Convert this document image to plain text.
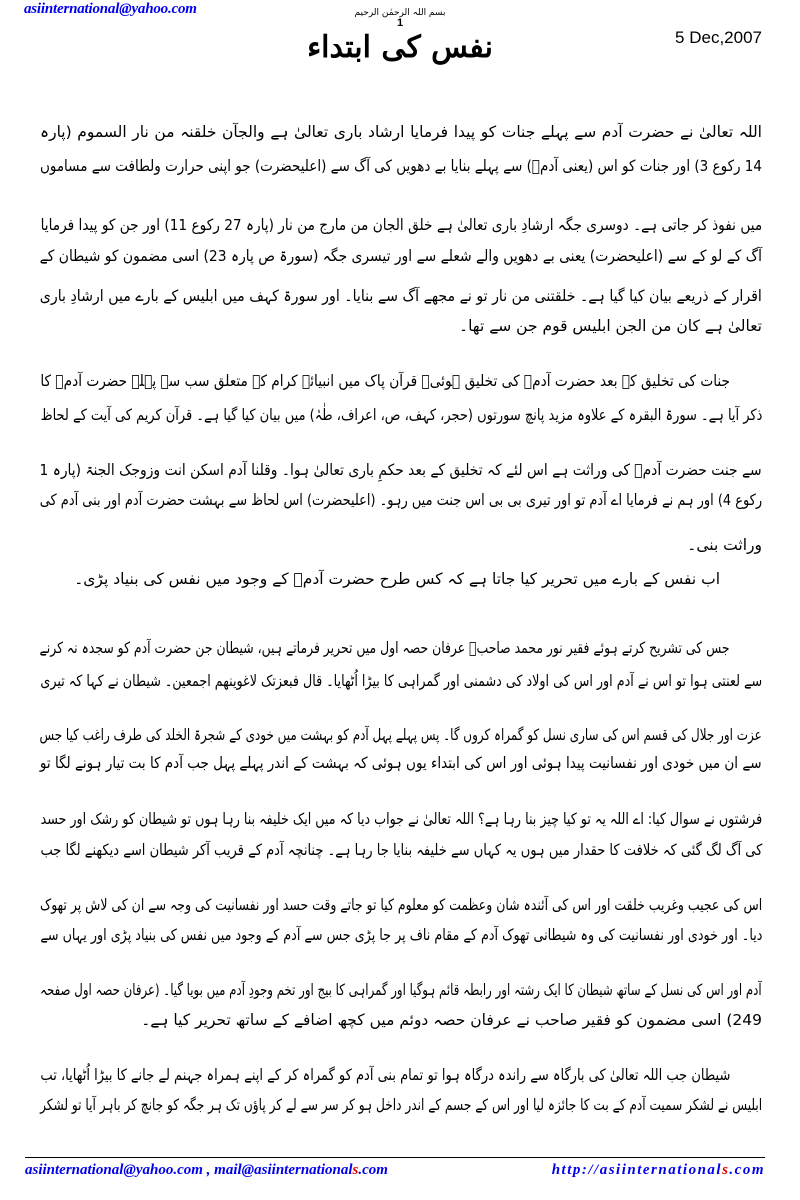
asiinternational@yahoo.com	بسم اللہ الرحمٰن الرحیم
1
نفس کی ابتداء	5 Dec,2007
اللہ تعالیٰ نے حضرت آدم سے پہلے جنات کو پیدا فرمایا ارشاد باری تعالیٰ ہے والجآن خلقنہ من نار السموم (پارہ
14 رکوع 3) اور جنات کو اس (یعنی آدمؑ) سے پہلے بنایا بے دھویں کی آگ سے (اعلیحضرت) جو اپنی حرارت ولطافت سے مساموں
میں نفوذ کر جاتی ہے۔ دوسری جگہ ارشادِ باری تعالیٰ ہے خلق الجان من مارج من نار (پارہ 27 رکوع 11) اور جن کو پیدا فرمایا
آگ کے لو کے سے (اعلیحضرت) یعنی بے دھویں والے شعلے سے اور تیسری جگہ (سورۃ ص پارہ 23) اسی مضمون کو شیطان کے
اقرار کے ذریعے بیان کیا گیا ہے۔ خلقتنی من نار تو نے مجھے آگ سے بنایا۔ اور سورۃ کہف میں ابلیس کے بارے میں ارشادِ باری
تعالیٰ ہے کان من الجن ابلیس قوم جن سے تھا۔
جنات کی تخلیق کے بعد حضرت آدمؑ کی تخلیق ہوئی۔ قرآن پاک میں انبیائے کرام کے متعلق سب سے پہلے حضرت آدمؑ کا
ذکر آیا ہے۔ سورۃ البقرہ کے علاوہ مزید پانچ سورتوں (حجر، کہف، ص، اعراف، طٰہٰ) میں بیان کیا گیا ہے۔ قرآن کریم کی آیت کے لحاظ
سے جنت حضرت آدمؑ کی وراثت ہے اس لئے کہ تخلیق کے بعد حکمِ باری تعالیٰ ہوا۔ وقلنا آدم اسکن انت وزوجک الجنۃ (پارہ 1
رکوع 4) اور ہم نے فرمایا اے آدم تو اور تیری بی بی اس جنت میں رہو۔ (اعلیحضرت) اس لحاظ سے بہشت حضرت آدم اور بنی آدم کی
وراثت بنی۔
اب نفس کے بارے میں تحریر کیا جاتا ہے کہ کس طرح حضرت آدمؑ کے وجود میں نفس کی بنیاد پڑی۔
جس کی تشریح کرتے ہوئے فقیر نور محمد صاحبؒ عرفان حصہ اول میں تحریر فرماتے ہیں، شیطان جن حضرت آدم کو سجدہ نہ کرنے
سے لعنتی ہوا تو اس نے آدم اور اس کی اولاد کی دشمنی اور گمراہی کا بیڑا اُٹھایا۔ قال فبعزتک لاغوینھم اجمعین۔ شیطان نے کہا کہ تیری
عزت اور جلال کی قسم اس کی ساری نسل کو گمراہ کروں گا۔ پس پہلے پہل آدم کو بہشت میں خودی کے شجرۃ الخلد کی طرف راغب کیا جس
سے ان میں خودی اور نفسانیت پیدا ہوئی اور اس کی ابتداء یوں ہوئی کہ بہشت کے اندر پہلے پہل جب آدم کا بت تیار ہونے لگا تو
فرشتوں نے سوال کیا: اے اللہ یہ تو کیا چیز بنا رہا ہے؟ اللہ تعالیٰ نے جواب دیا کہ میں ایک خلیفہ بنا رہا ہوں تو شیطان کو رشک اور حسد
کی آگ لگ گئی کہ خلافت کا حقدار میں ہوں یہ کہاں سے خلیفہ بنایا جا رہا ہے۔ چنانچہ آدم کے قریب آکر شیطان اسے دیکھنے لگا جب
اس کی عجیب وغریب خلقت اور اس کی آئندہ شان وعظمت کو معلوم کیا تو جاتے وقت حسد اور نفسانیت کی وجہ سے ان کی لاش پر تھوک
دیا۔ اور خودی اور نفسانیت کی وہ شیطانی تھوک آدم کے مقام ناف پر جا پڑی جس سے آدم کے وجود میں نفس کی بنیاد پڑی اور یہاں سے
آدم اور اس کی نسل کے ساتھ شیطان کا ایک رشتہ اور رابطہ قائم ہوگیا اور گمراہی کا بیج اور تخم وجودِ آدم میں بویا گیا۔ (عرفان حصہ اول صفحہ
249) اسی مضمون کو فقیر صاحب نے عرفان حصہ دوئم میں کچھ اضافے کے ساتھ تحریر کیا ہے۔
شیطان جب اللہ تعالیٰ کی بارگاہ سے راندہ درگاہ ہوا تو تمام بنی آدم کو گمراہ کر کے اپنے ہمراہ جہنم لے جانے کا بیڑا اُٹھایا، تب
ابلیس نے لشکر سمیت آدم کے بت کا جائزہ لیا اور اس کے جسم کے اندر داخل ہو کر سر سے لے کر پاؤں تک ہر جگہ کو جانچ کر باہر آیا تو لشکر
asiinternational@yahoo.com , mail@asiinternationals.com	http://asiinternationals.com
